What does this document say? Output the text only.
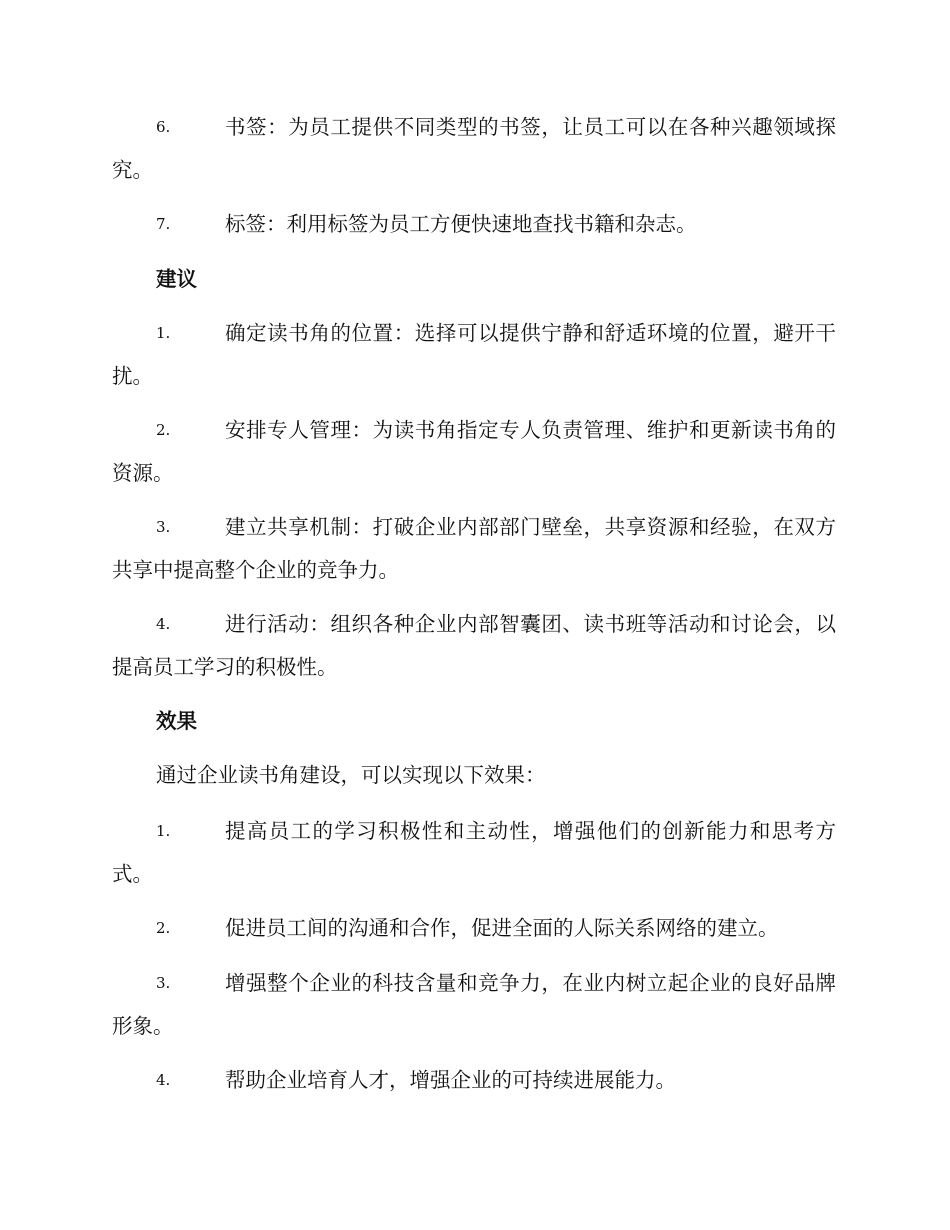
6.	书签：为员工提供不同类型的书签，让员工可以在各种兴趣领域探究。

7.	标签：利用标签为员工方便快速地查找书籍和杂志。

建议

1.	确定读书角的位置：选择可以提供宁静和舒适环境的位置，避开干扰。

2.	安排专人管理：为读书角指定专人负责管理、维护和更新读书角的资源。

3.	建立共享机制：打破企业内部部门壁垒，共享资源和经验，在双方共享中提高整个企业的竞争力。

4.	进行活动：组织各种企业内部智囊团、读书班等活动和讨论会，以提高员工学习的积极性。

效果

通过企业读书角建设，可以实现以下效果：

1.	提高员工的学习积极性和主动性，增强他们的创新能力和思考方式。

2.	促进员工间的沟通和合作，促进全面的人际关系网络的建立。

3.	增强整个企业的科技含量和竞争力，在业内树立起企业的良好品牌形象。

4.	帮助企业培育人才，增强企业的可持续进展能力。
